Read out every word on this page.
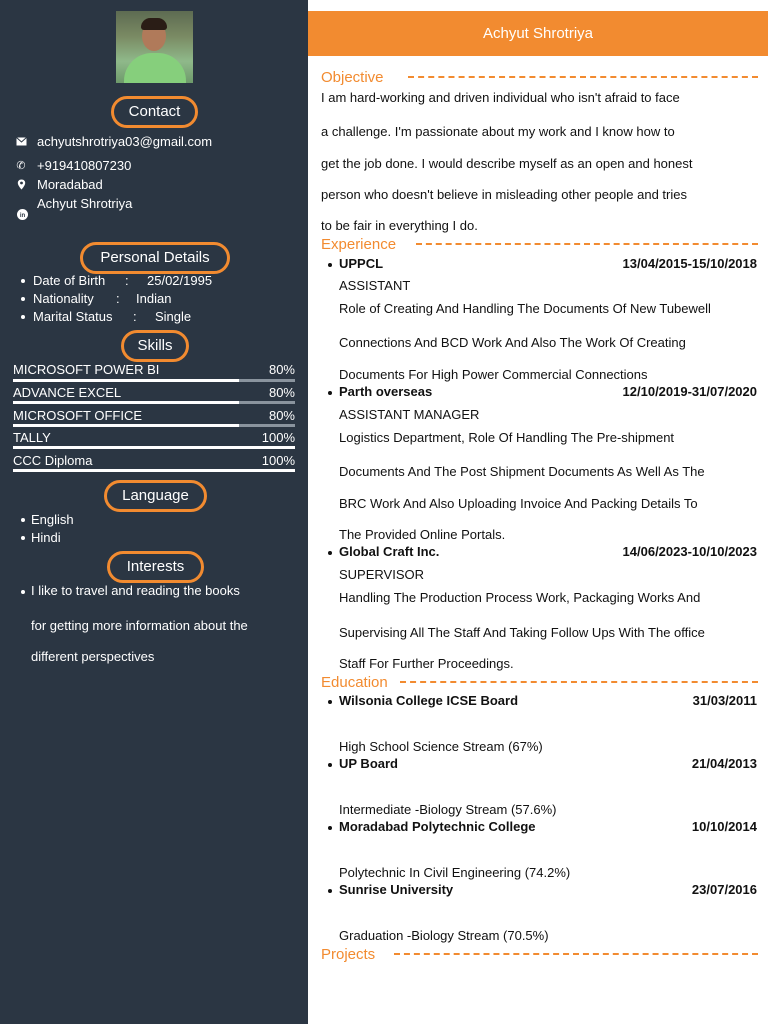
Contact
achyutshrotriya03@gmail.com
✆ +919410807230
Moradabad
Achyut Shrotriya
in
Personal Details
Date of Birth : 25/02/1995
Nationality : Indian
Marital Status : Single
Skills
MICROSOFT POWER BI	80%
ADVANCE EXCEL	80%
MICROSOFT OFFICE	80%
TALLY	100%
CCC Diploma	100%
Language
English
Hindi
Interests
I like to travel and reading the books
for getting more information about the
different perspectives
Achyut Shrotriya
Objective
I am hard-working and driven individual who isn't afraid to face
a challenge. I'm passionate about my work and I know how to
get the job done. I would describe myself as an open and honest
person who doesn't believe in misleading other people and tries
to be fair in everything I do.
Experience
UPPCL	13/04/2015-15/10/2018
ASSISTANT
Role of Creating And Handling The Documents Of New Tubewell
Connections And BCD Work And Also The Work Of Creating
Documents For High Power Commercial Connections
Parth overseas	12/10/2019-31/07/2020
ASSISTANT MANAGER
Logistics Department, Role Of Handling The Pre-shipment
Documents And The Post Shipment Documents As Well As The
BRC Work And Also Uploading Invoice And Packing Details To
The Provided Online Portals.
Global Craft Inc.	14/06/2023-10/10/2023
SUPERVISOR
Handling The Production Process Work, Packaging Works And
Supervising All The Staff And Taking Follow Ups With The office
Staff For Further Proceedings.
Education
Wilsonia College ICSE Board	31/03/2011
High School Science Stream (67%)
UP Board	21/04/2013
Intermediate -Biology Stream (57.6%)
Moradabad Polytechnic College	10/10/2014
Polytechnic In Civil Engineering (74.2%)
Sunrise University	23/07/2016
Graduation -Biology Stream (70.5%)
Projects
